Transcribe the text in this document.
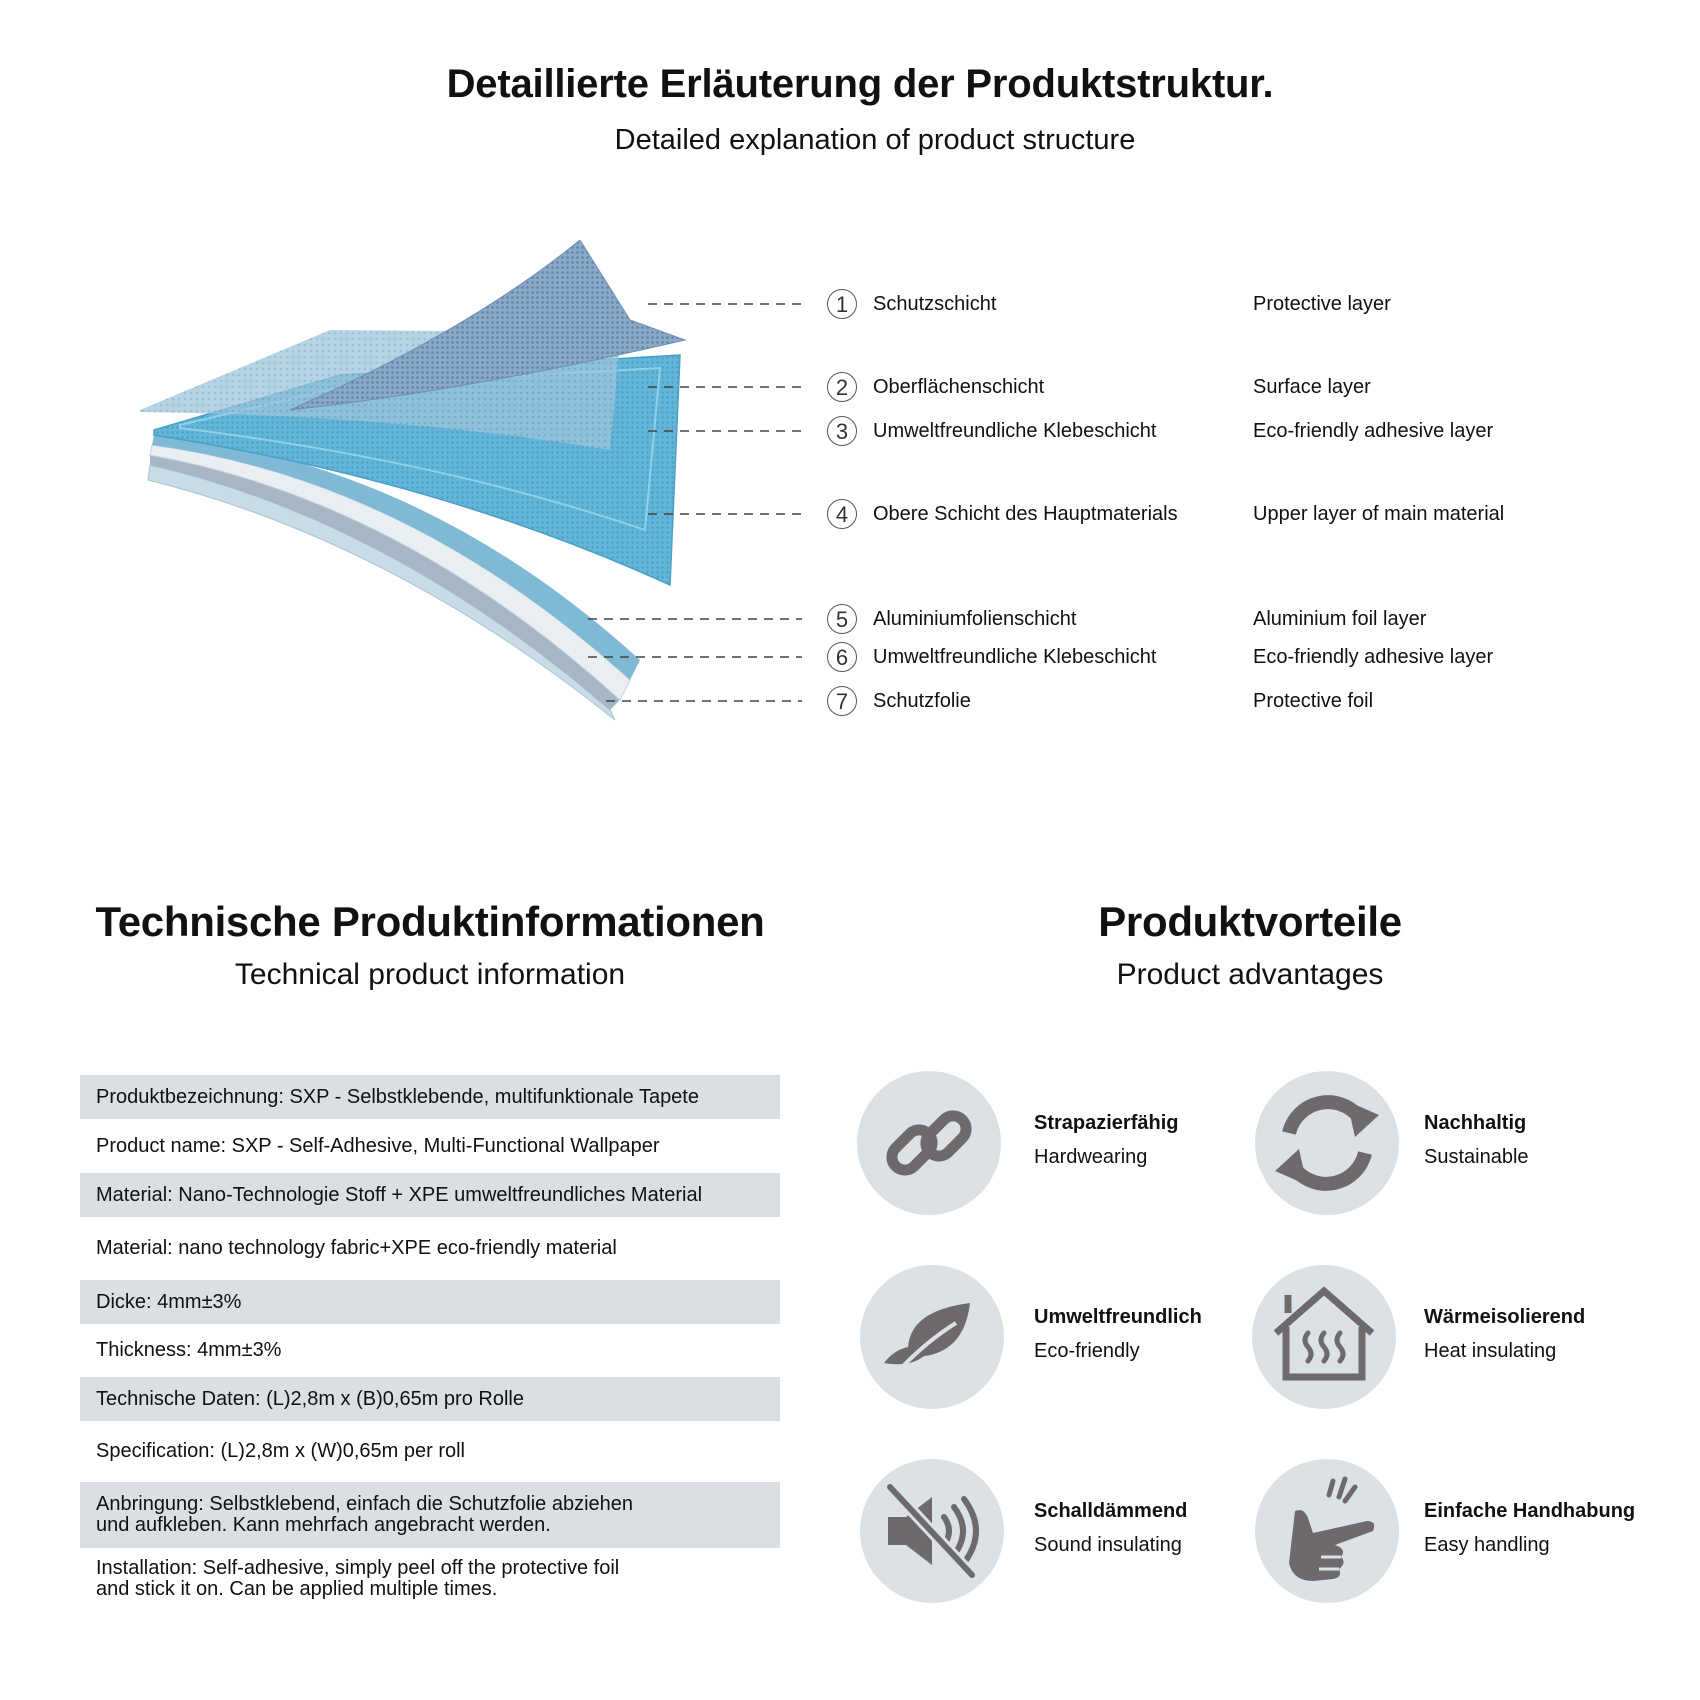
Detaillierte Erläuterung der Produktstruktur.
Detailed explanation of product structure
1	Schutzschicht	Protective layer
2	Oberflächenschicht	Surface layer
3	Umweltfreundliche Klebeschicht	Eco-friendly adhesive layer
4	Obere Schicht des Hauptmaterials	Upper layer of main material
5	Aluminiumfolienschicht	Aluminium foil layer
6	Umweltfreundliche Klebeschicht	Eco-friendly adhesive layer
7	Schutzfolie	Protective foil
Technische Produktinformationen
Technical product information
Produktbezeichnung: SXP - Selbstklebende, multifunktionale Tapete
Product name: SXP - Self-Adhesive, Multi-Functional Wallpaper
Material: Nano-Technologie Stoff + XPE umweltfreundliches Material
Material: nano technology fabric+XPE eco-friendly material
Dicke: 4mm±3%
Thickness: 4mm±3%
Technische Daten: (L)2,8m x (B)0,65m pro Rolle
Specification: (L)2,8m x (W)0,65m per roll
Anbringung: Selbstklebend, einfach die Schutzfolie abziehen
und aufkleben. Kann mehrfach angebracht werden.
Installation: Self-adhesive, simply peel off the protective foil
and stick it on. Can be applied multiple times.
Produktvorteile
Product advantages
Strapazierfähig
Hardwearing
Nachhaltig
Sustainable
Umweltfreundlich
Eco-friendly
Wärmeisolierend
Heat insulating
Schalldämmend
Sound insulating
Einfache Handhabung
Easy handling
